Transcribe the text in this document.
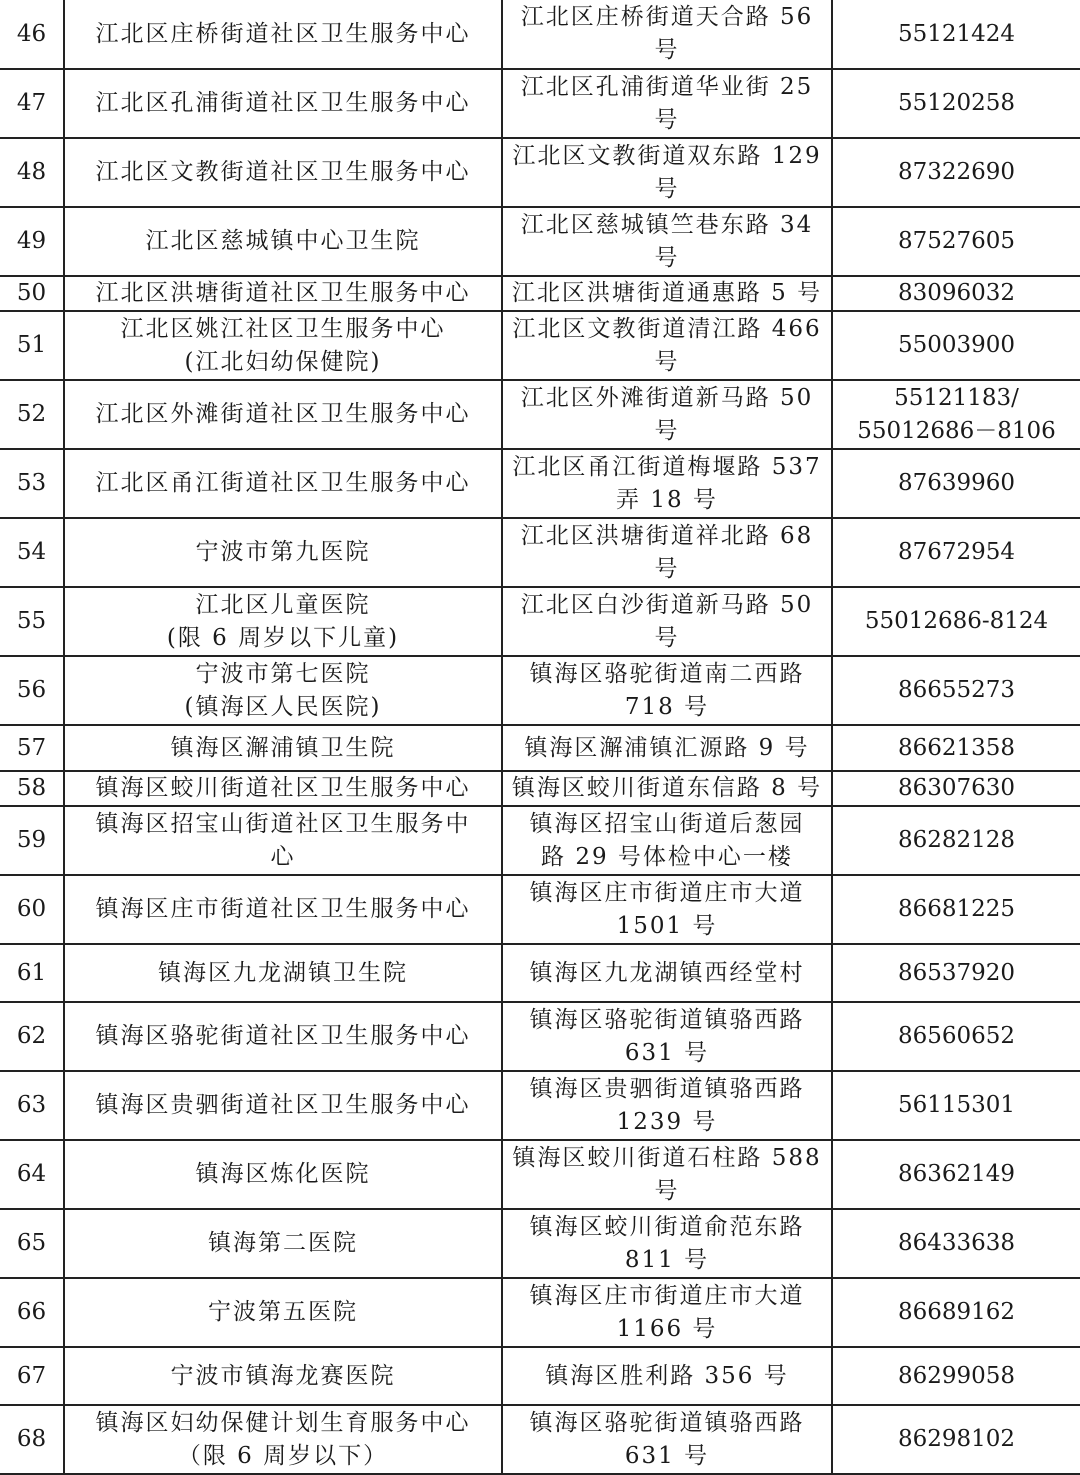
46	江北区庄桥街道社区卫生服务中心	江北区庄桥街道天合路 56
号	55121424

47	江北区孔浦街道社区卫生服务中心	江北区孔浦街道华业街 25
号	55120258

48	江北区文教街道社区卫生服务中心	江北区文教街道双东路 129
号	87322690

49	江北区慈城镇中心卫生院	江北区慈城镇竺巷东路 34
号	87527605

50	江北区洪塘街道社区卫生服务中心	江北区洪塘街道通惠路 5 号	83096032

51	江北区姚江社区卫生服务中心
(江北妇幼保健院)	江北区文教街道清江路 466
号	55003900

52	江北区外滩街道社区卫生服务中心	江北区外滩街道新马路 50
号	55121183/
55012686－8106

53	江北区甬江街道社区卫生服务中心	江北区甬江街道梅堰路 537
弄 18 号	87639960

54	宁波市第九医院	江北区洪塘街道祥北路 68
号	87672954

55	江北区儿童医院
(限 6 周岁以下儿童)	江北区白沙街道新马路 50
号	55012686-8124

56	宁波市第七医院
(镇海区人民医院)	镇海区骆驼街道南二西路
718 号	86655273

57	镇海区澥浦镇卫生院	镇海区澥浦镇汇源路 9 号	86621358

58	镇海区蛟川街道社区卫生服务中心	镇海区蛟川街道东信路 8 号	86307630

59	镇海区招宝山街道社区卫生服务中
心	镇海区招宝山街道后葱园
路 29 号体检中心一楼	86282128

60	镇海区庄市街道社区卫生服务中心	镇海区庄市街道庄市大道
1501 号	86681225

61	镇海区九龙湖镇卫生院	镇海区九龙湖镇西经堂村	86537920

62	镇海区骆驼街道社区卫生服务中心	镇海区骆驼街道镇骆西路
631 号	86560652

63	镇海区贵驷街道社区卫生服务中心	镇海区贵驷街道镇骆西路
1239 号	56115301

64	镇海区炼化医院	镇海区蛟川街道石柱路 588
号	86362149

65	镇海第二医院	镇海区蛟川街道俞范东路
811 号	86433638

66	宁波第五医院	镇海区庄市街道庄市大道
1166 号	86689162

67	宁波市镇海龙赛医院	镇海区胜利路 356 号	86299058

68	镇海区妇幼保健计划生育服务中心
（限 6 周岁以下）	镇海区骆驼街道镇骆西路
631 号	86298102
